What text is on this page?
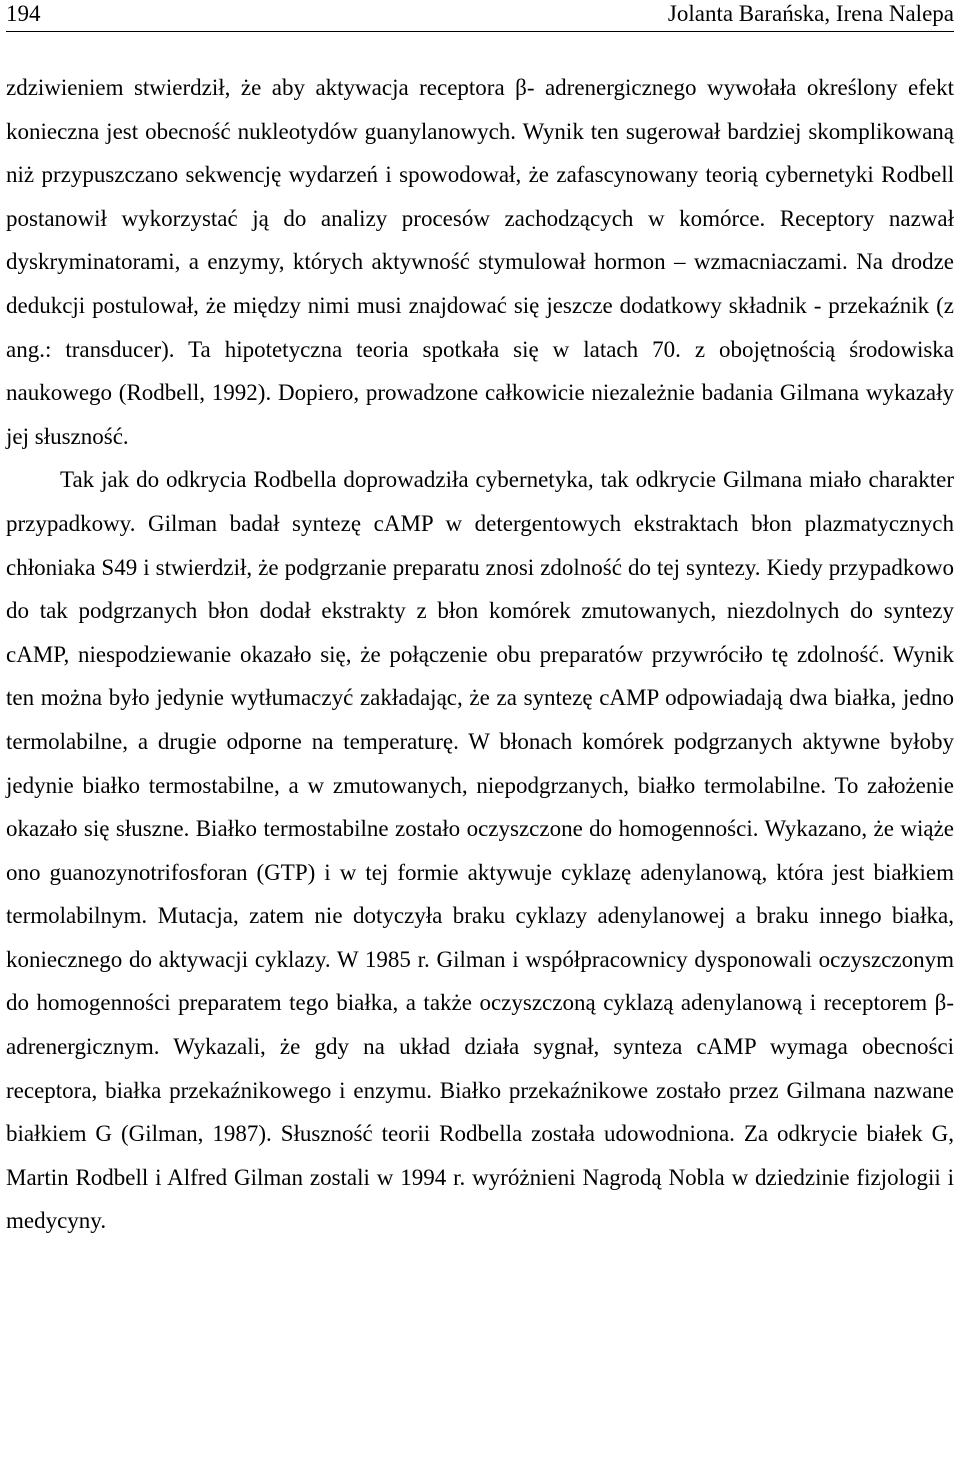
194	Jolanta Barańska, Irena Nalepa

zdziwieniem stwierdził, że aby aktywacja receptora β- adrenergicznego wywołała określony efekt konieczna jest obecność nukleotydów guanylanowych. Wynik ten sugerował bardziej skomplikowaną niż przypuszczano sekwencję wydarzeń i spowodował, że zafascynowany teorią cybernetyki Rodbell postanowił wykorzystać ją do analizy procesów zachodzących w komórce. Receptory nazwał dyskryminatorami, a enzymy, których aktywność stymulował hormon – wzmacniaczami. Na drodze dedukcji postulował, że między nimi musi znajdować się jeszcze dodatkowy składnik - przekaźnik (z ang.: transducer). Ta hipotetyczna teoria spotkała się w latach 70. z obojętnością środowiska naukowego (Rodbell, 1992). Dopiero, prowadzone całkowicie niezależnie badania Gilmana wykazały jej słuszność.

Tak jak do odkrycia Rodbella doprowadziła cybernetyka, tak odkrycie Gilmana miało charakter przypadkowy. Gilman badał syntezę cAMP w detergentowych ekstraktach błon plazmatycznych chłoniaka S49 i stwierdził, że podgrzanie preparatu znosi zdolność do tej syntezy. Kiedy przypadkowo do tak podgrzanych błon dodał ekstrakty z błon komórek zmutowanych, niezdolnych do syntezy cAMP, niespodziewanie okazało się, że połączenie obu preparatów przywróciło tę zdolność. Wynik ten można było jedynie wytłumaczyć zakładając, że za syntezę cAMP odpowiadają dwa białka, jedno termolabilne, a drugie odporne na temperaturę. W błonach komórek podgrzanych aktywne byłoby jedynie białko termostabilne, a w zmutowanych, niepodgrzanych, białko termolabilne. To założenie okazało się słuszne. Białko termostabilne zostało oczyszczone do homogenności. Wykazano, że wiąże ono guanozynotrifosforan (GTP) i w tej formie aktywuje cyklazę adenylanową, która jest białkiem termolabilnym. Mutacja, zatem nie dotyczyła braku cyklazy adenylanowej a braku innego białka, koniecznego do aktywacji cyklazy. W 1985 r. Gilman i współpracownicy dysponowali oczyszczonym do homogenności preparatem tego białka, a także oczyszczoną cyklazą adenylanową i receptorem β-adrenergicznym. Wykazali, że gdy na układ działa sygnał, synteza cAMP wymaga obecności receptora, białka przekaźnikowego i enzymu. Białko przekaźnikowe zostało przez Gilmana nazwane białkiem G (Gilman, 1987). Słuszność teorii Rodbella została udowodniona. Za odkrycie białek G, Martin Rodbell i Alfred Gilman zostali w 1994 r. wyróżnieni Nagrodą Nobla w dziedzinie fizjologii i medycyny.
